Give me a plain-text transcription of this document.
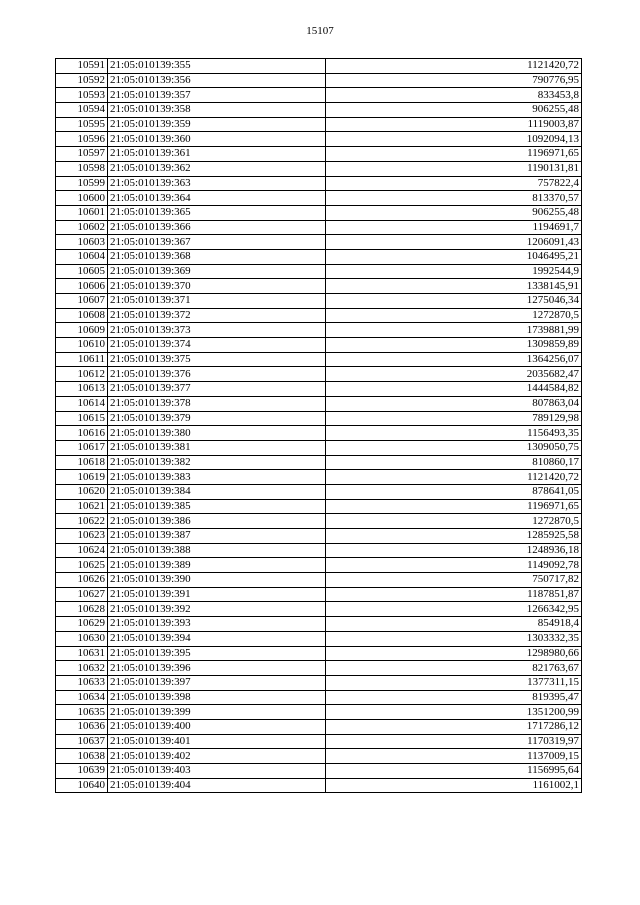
15107
10591	21:05:010139:355	1121420,72
10592	21:05:010139:356	790776,95
10593	21:05:010139:357	833453,8
10594	21:05:010139:358	906255,48
10595	21:05:010139:359	1119003,87
10596	21:05:010139:360	1092094,13
10597	21:05:010139:361	1196971,65
10598	21:05:010139:362	1190131,81
10599	21:05:010139:363	757822,4
10600	21:05:010139:364	813370,57
10601	21:05:010139:365	906255,48
10602	21:05:010139:366	1194691,7
10603	21:05:010139:367	1206091,43
10604	21:05:010139:368	1046495,21
10605	21:05:010139:369	1992544,9
10606	21:05:010139:370	1338145,91
10607	21:05:010139:371	1275046,34
10608	21:05:010139:372	1272870,5
10609	21:05:010139:373	1739881,99
10610	21:05:010139:374	1309859,89
10611	21:05:010139:375	1364256,07
10612	21:05:010139:376	2035682,47
10613	21:05:010139:377	1444584,82
10614	21:05:010139:378	807863,04
10615	21:05:010139:379	789129,98
10616	21:05:010139:380	1156493,35
10617	21:05:010139:381	1309050,75
10618	21:05:010139:382	810860,17
10619	21:05:010139:383	1121420,72
10620	21:05:010139:384	878641,05
10621	21:05:010139:385	1196971,65
10622	21:05:010139:386	1272870,5
10623	21:05:010139:387	1285925,58
10624	21:05:010139:388	1248936,18
10625	21:05:010139:389	1149092,78
10626	21:05:010139:390	750717,82
10627	21:05:010139:391	1187851,87
10628	21:05:010139:392	1266342,95
10629	21:05:010139:393	854918,4
10630	21:05:010139:394	1303332,35
10631	21:05:010139:395	1298980,66
10632	21:05:010139:396	821763,67
10633	21:05:010139:397	1377311,15
10634	21:05:010139:398	819395,47
10635	21:05:010139:399	1351200,99
10636	21:05:010139:400	1717286,12
10637	21:05:010139:401	1170319,97
10638	21:05:010139:402	1137009,15
10639	21:05:010139:403	1156995,64
10640	21:05:010139:404	1161002,1
